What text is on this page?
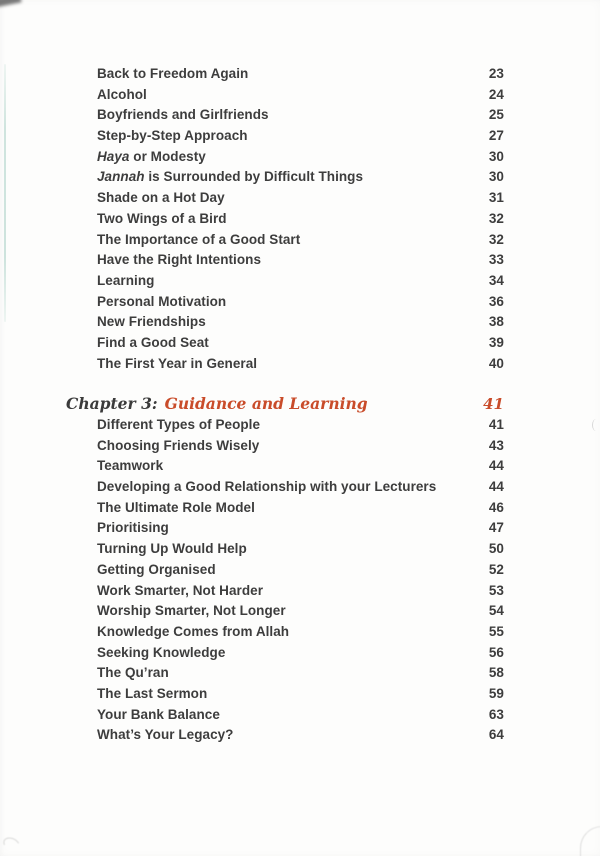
Back to Freedom Again	23
Alcohol	24
Boyfriends and Girlfriends	25
Step-by-Step Approach	27
Haya or Modesty	30
Jannah is Surrounded by Difficult Things	30
Shade on a Hot Day	31
Two Wings of a Bird	32
The Importance of a Good Start	32
Have the Right Intentions	33
Learning	34
Personal Motivation	36
New Friendships	38
Find a Good Seat	39
The First Year in General	40
Chapter 3: Guidance and Learning	41
Different Types of People	41
Choosing Friends Wisely	43
Teamwork	44
Developing a Good Relationship with your Lecturers	44
The Ultimate Role Model	46
Prioritising	47
Turning Up Would Help	50
Getting Organised	52
Work Smarter, Not Harder	53
Worship Smarter, Not Longer	54
Knowledge Comes from Allah	55
Seeking Knowledge	56
The Qu’ran	58
The Last Sermon	59
Your Bank Balance	63
What’s Your Legacy?	64
